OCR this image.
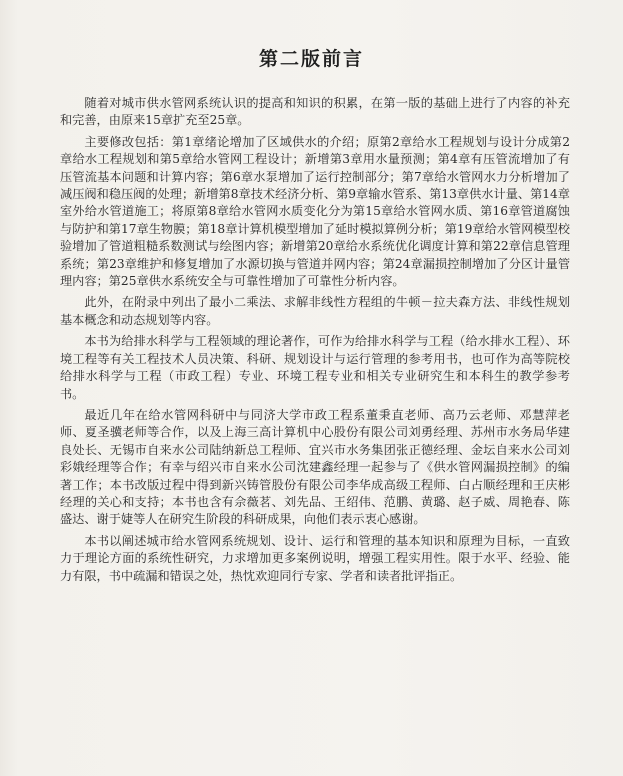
第二版前言

随着对城市供水管网系统认识的提高和知识的积累，在第一版的基础上进行了内容的补充和完善，由原来15章扩充至25章。

主要修改包括：第1章绪论增加了区域供水的介绍；原第2章给水工程规划与设计分成第2章给水工程规划和第5章给水管网工程设计；新增第3章用水量预测；第4章有压管流增加了有压管流基本问题和计算内容；第6章水泵增加了运行控制部分；第7章给水管网水力分析增加了减压阀和稳压阀的处理；新增第8章技术经济分析、第9章输水管系、第13章供水计量、第14章室外给水管道施工；将原第8章给水管网水质变化分为第15章给水管网水质、第16章管道腐蚀与防护和第17章生物膜；第18章计算机模型增加了延时模拟算例分析；第19章给水管网模型校验增加了管道粗糙系数测试与绘图内容；新增第20章给水系统优化调度计算和第22章信息管理系统；第23章维护和修复增加了水源切换与管道并网内容；第24章漏损控制增加了分区计量管理内容；第25章供水系统安全与可靠性增加了可靠性分析内容。

此外，在附录中列出了最小二乘法、求解非线性方程组的牛顿－拉夫森方法、非线性规划基本概念和动态规划等内容。

本书为给排水科学与工程领域的理论著作，可作为给排水科学与工程（给水排水工程）、环境工程等有关工程技术人员决策、科研、规划设计与运行管理的参考用书，也可作为高等院校给排水科学与工程（市政工程）专业、环境工程专业和相关专业研究生和本科生的教学参考书。

最近几年在给水管网科研中与同济大学市政工程系董秉直老师、高乃云老师、邓慧萍老师、夏圣骥老师等合作，以及上海三高计算机中心股份有限公司刘勇经理、苏州市水务局华建良处长、无锡市自来水公司陆纳新总工程师、宜兴市水务集团张正德经理、金坛自来水公司刘彩娥经理等合作；有幸与绍兴市自来水公司沈建鑫经理一起参与了《供水管网漏损控制》的编著工作；本书改版过程中得到新兴铸管股份有限公司李华成高级工程师、白占顺经理和王庆彬经理的关心和支持；本书也含有佘薇茗、刘先品、王绍伟、范鹏、黄璐、赵子威、周艳春、陈盛达、谢于婕等人在研究生阶段的科研成果，向他们表示衷心感谢。

本书以阐述城市给水管网系统规划、设计、运行和管理的基本知识和原理为目标，一直致力于理论方面的系统性研究，力求增加更多案例说明，增强工程实用性。限于水平、经验、能力有限，书中疏漏和错误之处，热忱欢迎同行专家、学者和读者批评指正。
